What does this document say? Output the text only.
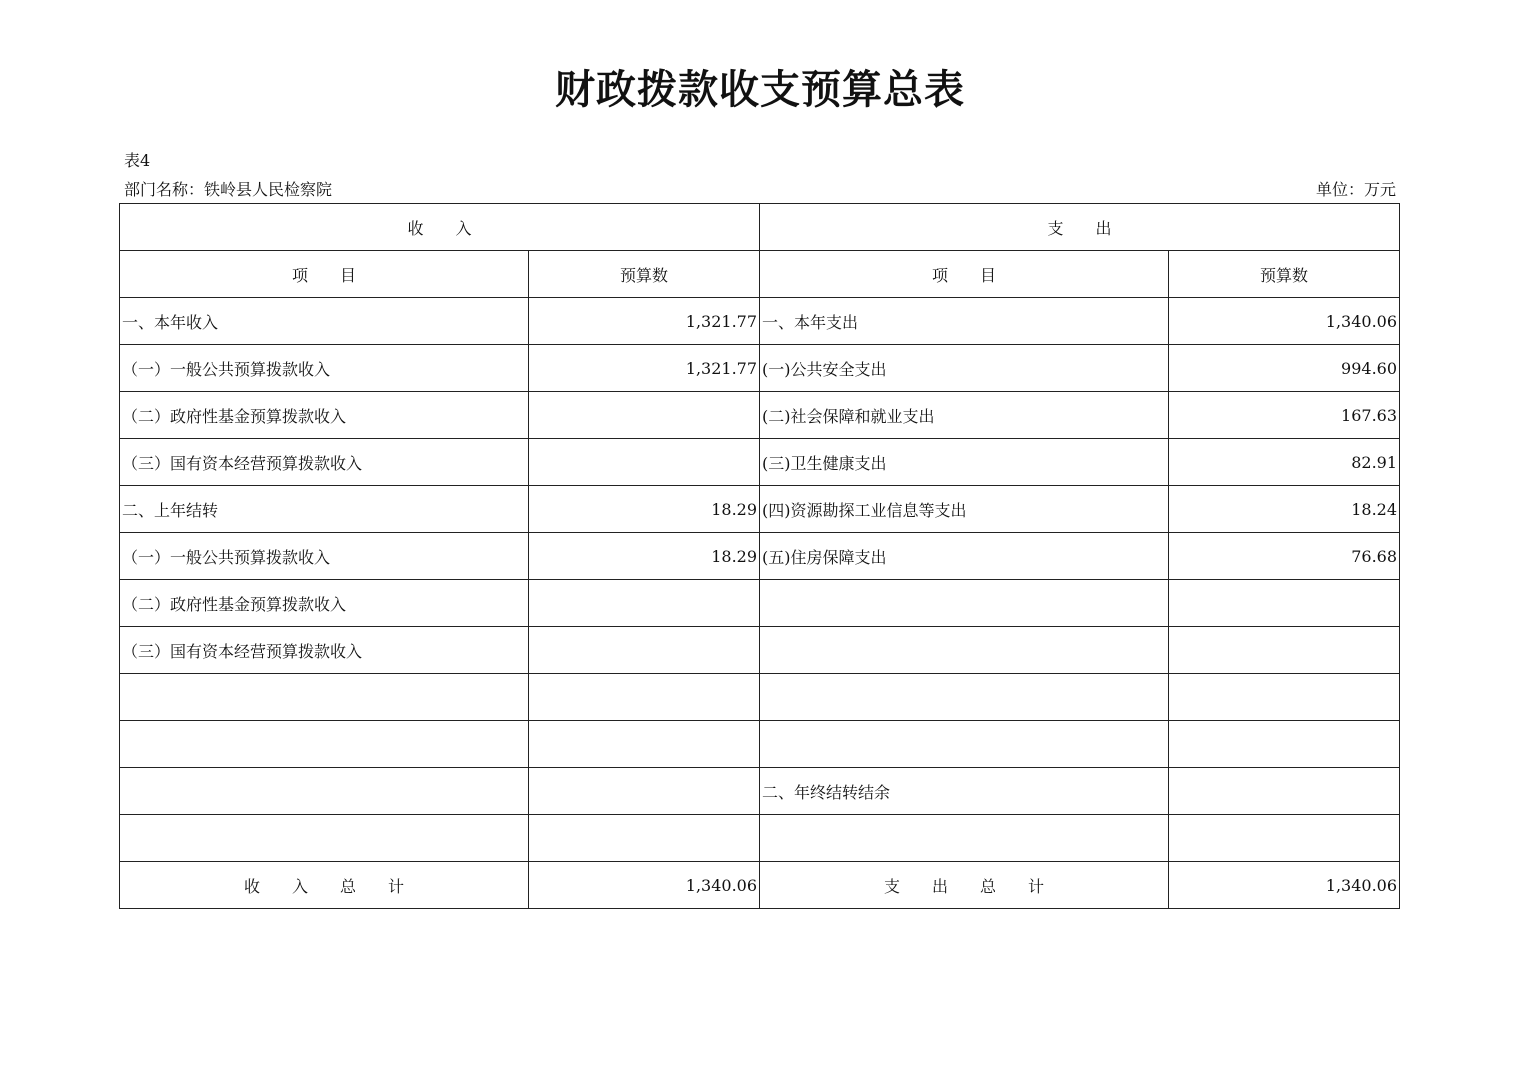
财政拨款收支预算总表
表4
部门名称：铁岭县人民检察院	单位：万元
收　　入		支　　出	
项　　目	预算数	项　　目	预算数
一、本年收入	1,321.77	一、本年支出	1,340.06
（一）一般公共预算拨款收入	1,321.77	(一)公共安全支出	994.60
（二）政府性基金预算拨款收入		(二)社会保障和就业支出	167.63
（三）国有资本经营预算拨款收入		(三)卫生健康支出	82.91
二、上年结转	18.29	(四)资源勘探工业信息等支出	18.24
（一）一般公共预算拨款收入	18.29	(五)住房保障支出	76.68
（二）政府性基金预算拨款收入			
（三）国有资本经营预算拨款收入			

		二、年终结转结余	

收　　入　　总　　计	1,340.06	支　　出　　总　　计	1,340.06
